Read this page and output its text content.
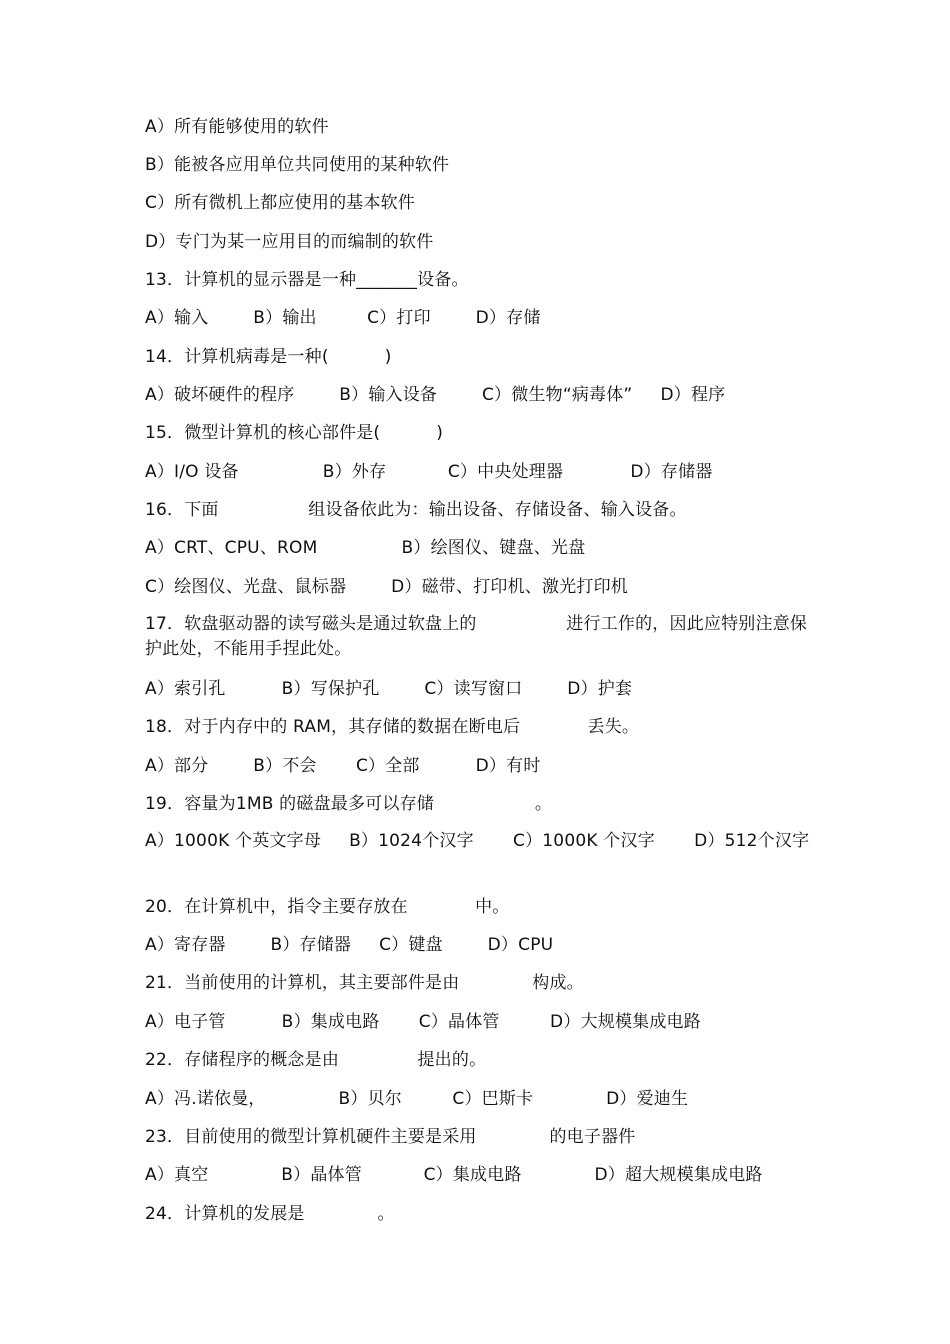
A）所有能够使用的软件
B）能被各应用单位共同使用的某种软件
C）所有微机上都应使用的基本软件
D）专门为某一应用目的而编制的软件
13．计算机的显示器是一种_______设备。
A）输入        B）输出         C）打印        D）存储
14．计算机病毒是一种(          )
A）破坏硬件的程序        B）输入设备        C）微生物“病毒体”     D）程序
15．微型计算机的核心部件是(          )
A）I/O 设备               B）外存           C）中央处理器            D）存储器
16．下面                组设备依此为：输出设备、存储设备、输入设备。
A）CRT、CPU、ROM               B）绘图仪、键盘、光盘
C）绘图仪、光盘、鼠标器        D）磁带、打印机、激光打印机
17．软盘驱动器的读写磁头是通过软盘上的                进行工作的，因此应特别注意保护此处，不能用手捏此处。
A）索引孔          B）写保护孔        C）读写窗口        D）护套
18．对于内存中的 RAM，其存储的数据在断电后            丢失。
A）部分        B）不会       C）全部          D）有时
19．容量为1MB 的磁盘最多可以存储                  。
A）1000K 个英文字母     B）1024个汉字       C）1000K 个汉字       D）512个汉字
20．在计算机中，指令主要存放在            中。
A）寄存器        B）存储器     C）键盘        D）CPU
21．当前使用的计算机，其主要部件是由             构成。
A）电子管          B）集成电路       C）晶体管         D）大规模集成电路
22．存储程序的概念是由              提出的。
A）冯.诺依曼，             B）贝尔         C）巴斯卡             D）爱迪生
23．目前使用的微型计算机硬件主要是采用             的电子器件
A）真空             B）晶体管           C）集成电路             D）超大规模集成电路
24．计算机的发展是             。
